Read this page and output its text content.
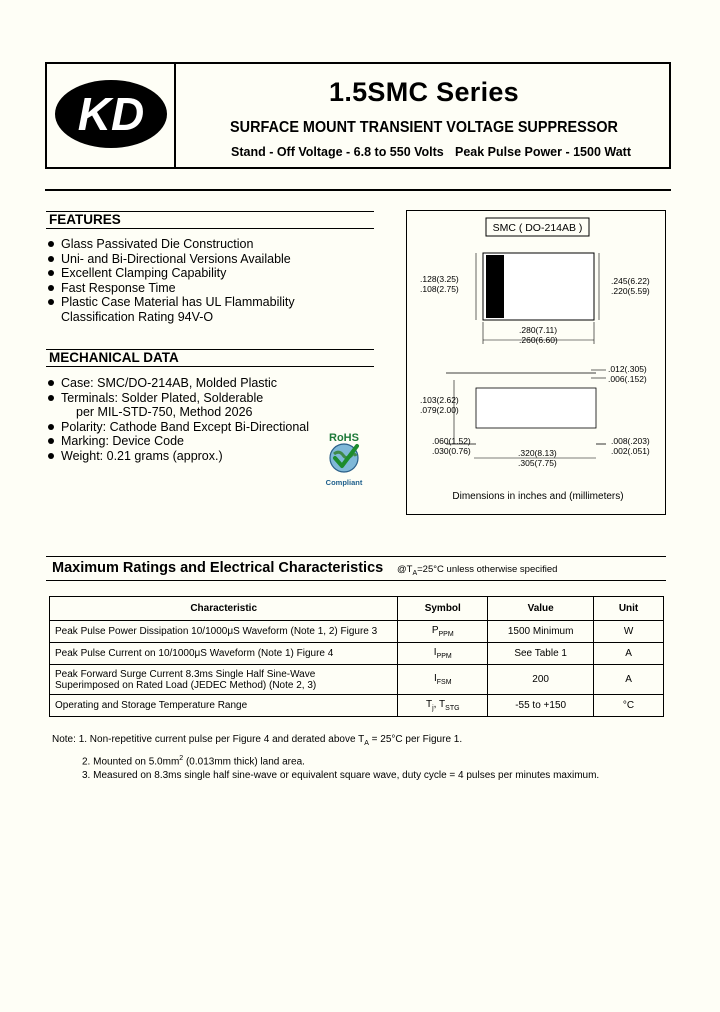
KD	1.5SMC Series
SURFACE MOUNT TRANSIENT VOLTAGE SUPPRESSOR
Stand - Off Voltage - 6.8 to 550 Volts Peak Pulse Power - 1500 Watt
FEATURES
Glass Passivated Die Construction
Uni- and Bi-Directional Versions Available
Excellent Clamping Capability
Fast Response Time
Plastic Case Material has UL Flammability
Classification Rating 94V-O
MECHANICAL DATA
Case: SMC/DO-214AB, Molded Plastic
Terminals: Solder Plated, Solderable
per MIL-STD-750, Method 2026
Polarity: Cathode Band Except Bi-Directional
Marking: Device Code
Weight: 0.21 grams (approx.)
RoHS
Compliant
SMC ( DO-214AB )
.128(3.25)
.108(2.75)
.245(6.22)
.220(5.59)
.280(7.11)
.260(6.60)
.012(.305)
.006(.152)
.103(2.62)
.079(2.00)
.060(1.52)
.030(0.76)	.320(8.13)
.305(7.75)
.008(.203)
.002(.051)
Dimensions in inches and (millimeters)
Maximum Ratings and Electrical Characteristics $@T_A=25^\circ C$ unless otherwise specified
Characteristic	Symbol	Value	Unit
Peak Pulse Power Dissipation 10/1000μS Waveform (Note 1, 2) Figure 3	$P_{PPM}$	1500 Minimum	W
Peak Pulse Current on 10/1000μS Waveform (Note 1) Figure 4	$I_{PPM}$	See Table 1	A

Peak Forward Surge Current 8.3ms Single Half Sine-Wave
Superimposed on Rated Load (JEDEC Method) (Note 2, 3)	$I_{FSM}$	200	A
Operating and Storage Temperature Range	$T_j$, $T_{STG}$	-55 to +150	°C
Note: 1. Non-repetitive current pulse per Figure 4 and derated above $T_A = 25^\circ C$ per Figure 1.
2. Mounted on $5.0mm^2$ (0.013mm thick) land area.
3. Measured on 8.3ms single half sine-wave or equivalent square wave, duty cycle = 4 pulses per minutes maximum.
